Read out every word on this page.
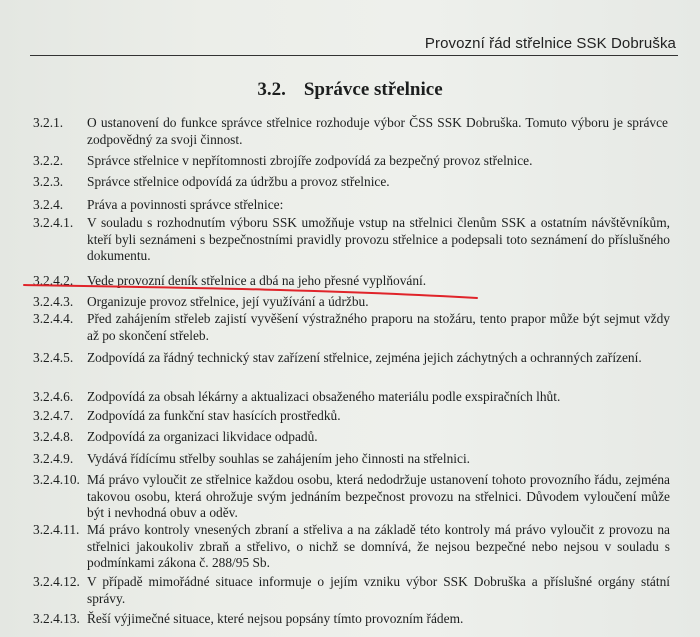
Provozní řád střelnice SSK Dobruška
3.2. Správce střelnice
3.2.1. O ustanovení do funkce správce střelnice rozhoduje výbor ČSS SSK Dobruška. Tomuto výboru je správce zodpovědný za svoji činnost.
3.2.2. Správce střelnice v nepřítomnosti zbrojíře zodpovídá za bezpečný provoz střelnice.
3.2.3. Správce střelnice odpovídá za údržbu a provoz střelnice.
3.2.4. Práva a povinnosti správce střelnice:
3.2.4.1. V souladu s rozhodnutím výboru SSK umožňuje vstup na střelnici členům SSK a ostatním návštěvníkům, kteří byli seznámeni s bezpečnostními pravidly provozu střelnice a podepsali toto seznámení do příslušného dokumentu.
3.2.4.2. Vede provozní deník střelnice a dbá na jeho přesné vyplňování.
3.2.4.3. Organizuje provoz střelnice, její využívání a údržbu.
3.2.4.4. Před zahájením střeleb zajistí vyvěšení výstražného praporu na stožáru, tento prapor může být sejmut vždy až po skončení střeleb.
3.2.4.5. Zodpovídá za řádný technický stav zařízení střelnice, zejména jejich záchytných a ochranných zařízení.
3.2.4.6. Zodpovídá za obsah lékárny a aktualizaci obsaženého materiálu podle exspiračních lhůt.
3.2.4.7. Zodpovídá za funkční stav hasících prostředků.
3.2.4.8. Zodpovídá za organizaci likvidace odpadů.
3.2.4.9. Vydává řídícímu střelby souhlas se zahájením jeho činnosti na střelnici.
3.2.4.10. Má právo vyloučit ze střelnice každou osobu, která nedodržuje ustanovení tohoto provozního řádu, zejména takovou osobu, která ohrožuje svým jednáním bezpečnost provozu na střelnici. Důvodem vyloučení může být i nevhodná obuv a oděv.
3.2.4.11. Má právo kontroly vnesených zbraní a střeliva a na základě této kontroly má právo vyloučit z provozu na střelnici jakoukoliv zbraň a střelivo, o nichž se domnívá, že nejsou bezpečné nebo nejsou v souladu s podmínkami zákona č. 288/95 Sb.
3.2.4.12. V případě mimořádné situace informuje o jejím vzniku výbor SSK Dobruška a příslušné orgány státní správy.
3.2.4.13. Řeší výjimečné situace, které nejsou popsány tímto provozním řádem.
